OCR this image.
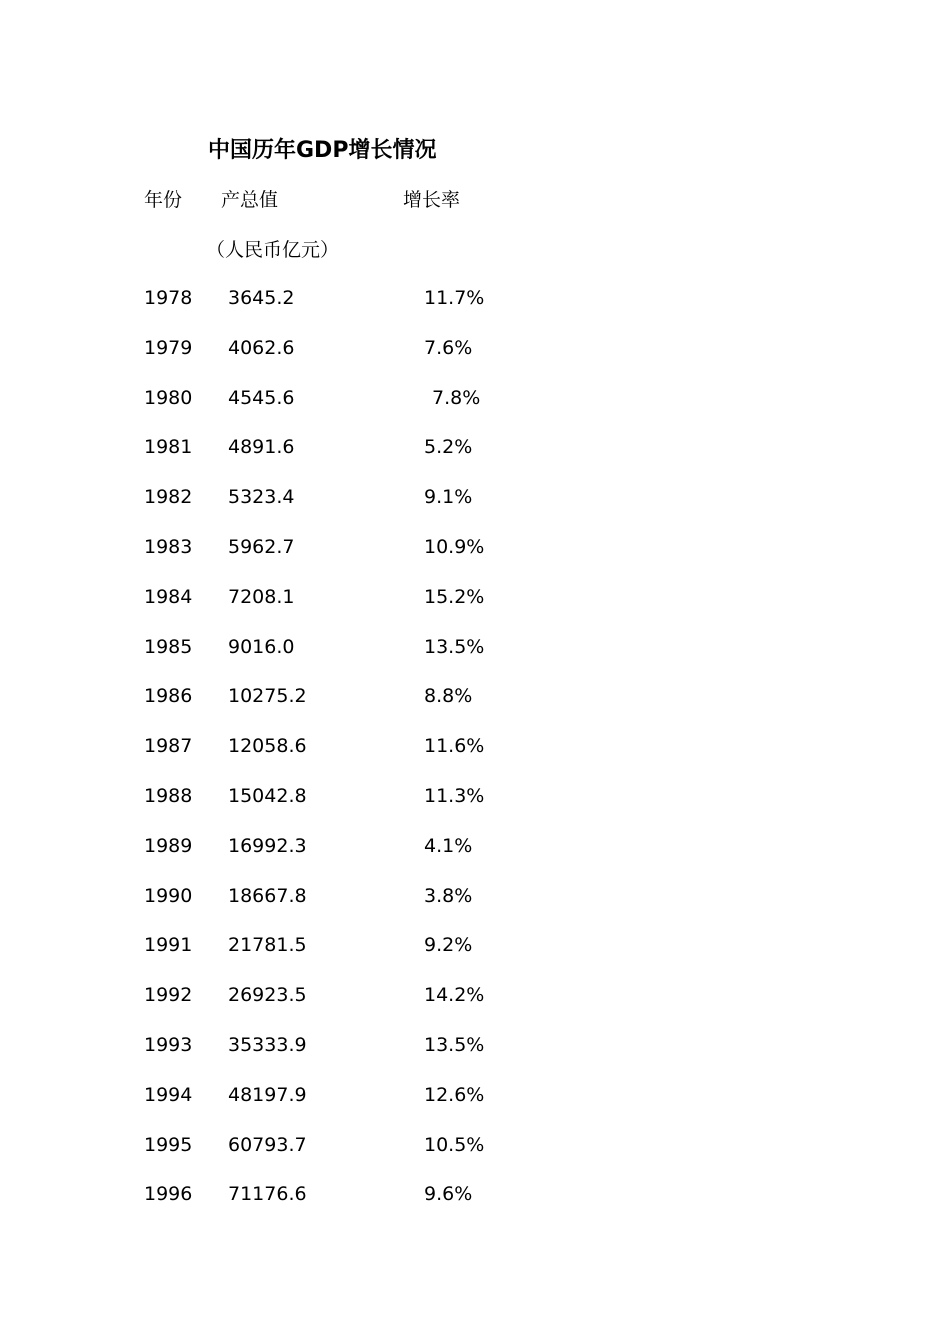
中国历年GDP增长情况
年份 产总值	增长率
（人民币亿元）
1978 3645.2	11.7%
1979 4062.6	7.6%
1980 4545.6	7.8%
1981 4891.6	5.2%
1982 5323.4	9.1%
1983 5962.7	10.9%
1984 7208.1	15.2%
1985 9016.0	13.5%
1986 10275.2	8.8%
1987 12058.6	11.6%
1988 15042.8	11.3%
1989 16992.3	4.1%
1990 18667.8	3.8%
1991 21781.5	9.2%
1992 26923.5	14.2%
1993 35333.9	13.5%
1994 48197.9	12.6%
1995 60793.7	10.5%
1996 71176.6	9.6%
